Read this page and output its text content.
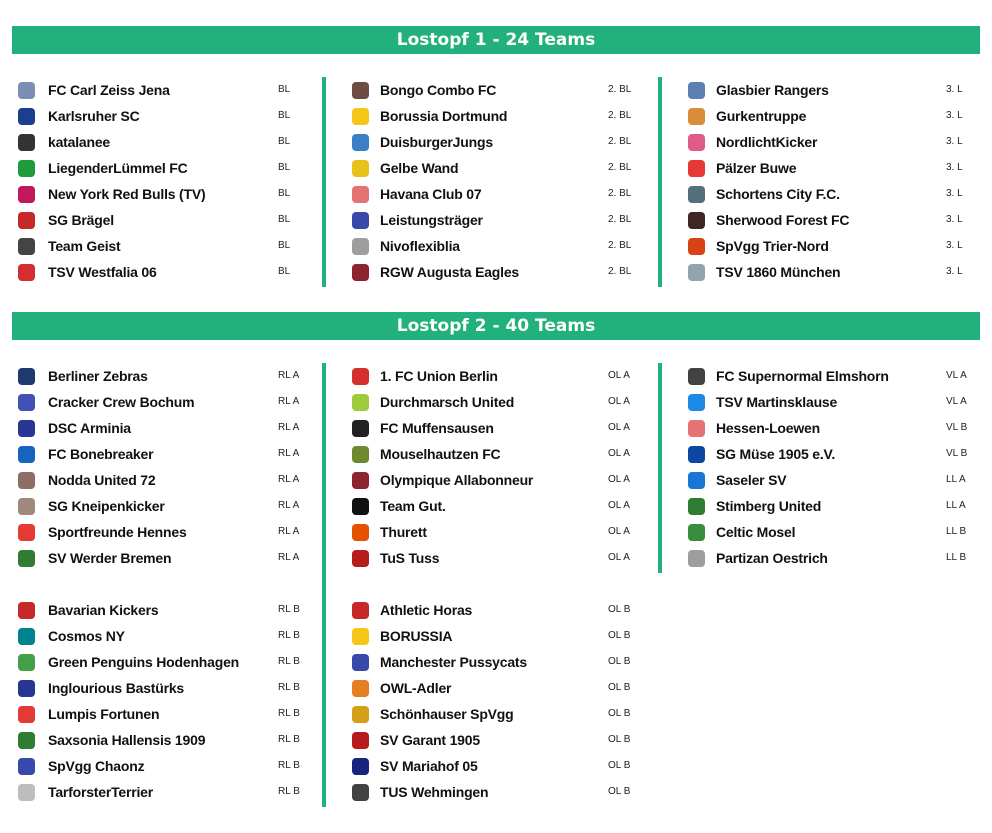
Lostopf 1 - 24 Teams
Lostopf 2 - 40 Teams
FC Carl Zeiss Jena	BL
Karlsruher SC	BL
katalanee	BL
LiegenderLümmel FC	BL
New York Red Bulls (TV)	BL
SG Brägel	BL
Team Geist	BL
TSV Westfalia 06	BL
Bongo Combo FC	2. BL
Borussia Dortmund	2. BL
DuisburgerJungs	2. BL
Gelbe Wand	2. BL
Havana Club 07	2. BL
Leistungsträger	2. BL
Nivoflexiblia	2. BL
RGW Augusta Eagles	2. BL
Glasbier Rangers	3. L
Gurkentruppe	3. L
NordlichtKicker	3. L
Pälzer Buwe	3. L
Schortens City F.C.	3. L
Sherwood Forest FC	3. L
SpVgg Trier-Nord	3. L
TSV 1860 München	3. L
Berliner Zebras	RL A
Cracker Crew Bochum	RL A
DSC Arminia	RL A
FC Bonebreaker	RL A
Nodda United 72	RL A
SG Kneipenkicker	RL A
Sportfreunde Hennes	RL A
SV Werder Bremen	RL A
Bavarian Kickers	RL B
Cosmos NY	RL B
Green Penguins Hodenhagen	RL B
Inglourious Bastürks	RL B
Lumpis Fortunen	RL B
Saxsonia Hallensis 1909	RL B
SpVgg Chaonz	RL B
TarforsterTerrier	RL B
1. FC Union Berlin	OL A
Durchmarsch United	OL A
FC Muffensausen	OL A
Mouselhautzen FC	OL A
Olympique Allabonneur	OL A
Team Gut.	OL A
Thurett	OL A
TuS Tuss	OL A
Athletic Horas	OL B
BORUSSIA	OL B
Manchester Pussycats	OL B
OWL-Adler	OL B
Schönhauser SpVgg	OL B
SV Garant 1905	OL B
SV Mariahof 05	OL B
TUS Wehmingen	OL B
FC Supernormal Elmshorn	VL A
TSV Martinsklause	VL A
Hessen-Loewen	VL B
SG Müse 1905 e.V.	VL B
Saseler SV	LL A
Stimberg United	LL A
Celtic Mosel	LL B
Partizan Oestrich	LL B
